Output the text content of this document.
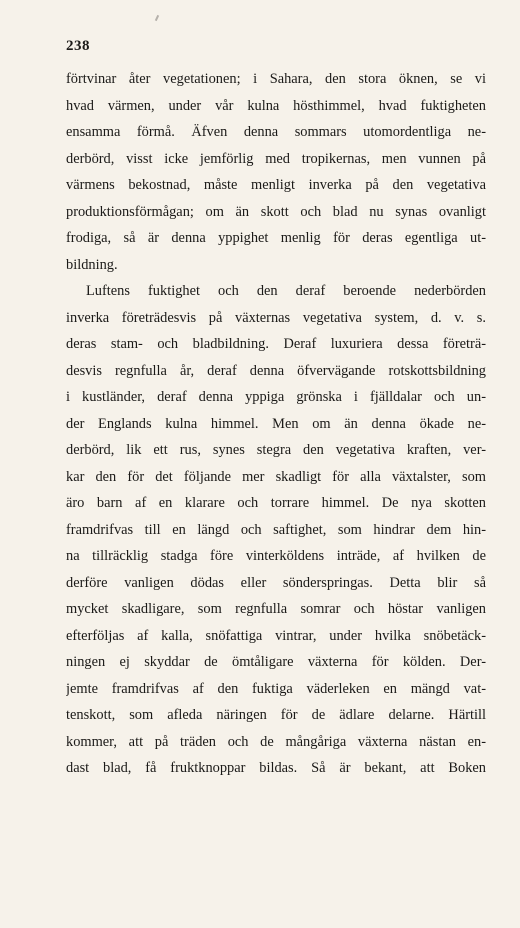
238
förtvinar åter vegetationen; i Sahara, den stora öknen, se vi
hvad värmen, under vår kulna hösthimmel, hvad fuktigheten
ensamma förmå. Äfven denna sommars utomordentliga ne-
derbörd, visst icke jemförlig med tropikernas, men vunnen på
värmens bekostnad, måste menligt inverka på den vegetativa
produktionsförmågan; om än skott och blad nu synas ovanligt
frodiga, så är denna yppighet menlig för deras egentliga ut-
bildning.
Luftens fuktighet och den deraf beroende nederbörden
inverka företrädesvis på växternas vegetativa system, d. v. s.
deras stam- och bladbildning. Deraf luxuriera dessa företrä-
desvis regnfulla år, deraf denna öfvervägande rotskottsbildning
i kustländer, deraf denna yppiga grönska i fjälldalar och un-
der Englands kulna himmel. Men om än denna ökade ne-
derbörd, lik ett rus, synes stegra den vegetativa kraften, ver-
kar den för det följande mer skadligt för alla växtalster, som
äro barn af en klarare och torrare himmel. De nya skotten
framdrifvas till en längd och saftighet, som hindrar dem hin-
na tillräcklig stadga före vinterköldens inträde, af hvilken de
derföre vanligen dödas eller sönderspringas. Detta blir så
mycket skadligare, som regnfulla somrar och höstar vanligen
efterföljas af kalla, snöfattiga vintrar, under hvilka snöbetäck-
ningen ej skyddar de ömtåligare växterna för kölden. Der-
jemte framdrifvas af den fuktiga väderleken en mängd vat-
tenskott, som afleda näringen för de ädlare delarne. Härtill
kommer, att på träden och de mångåriga växterna nästan en-
dast blad, få fruktknoppar bildas. Så är bekant, att Boken
